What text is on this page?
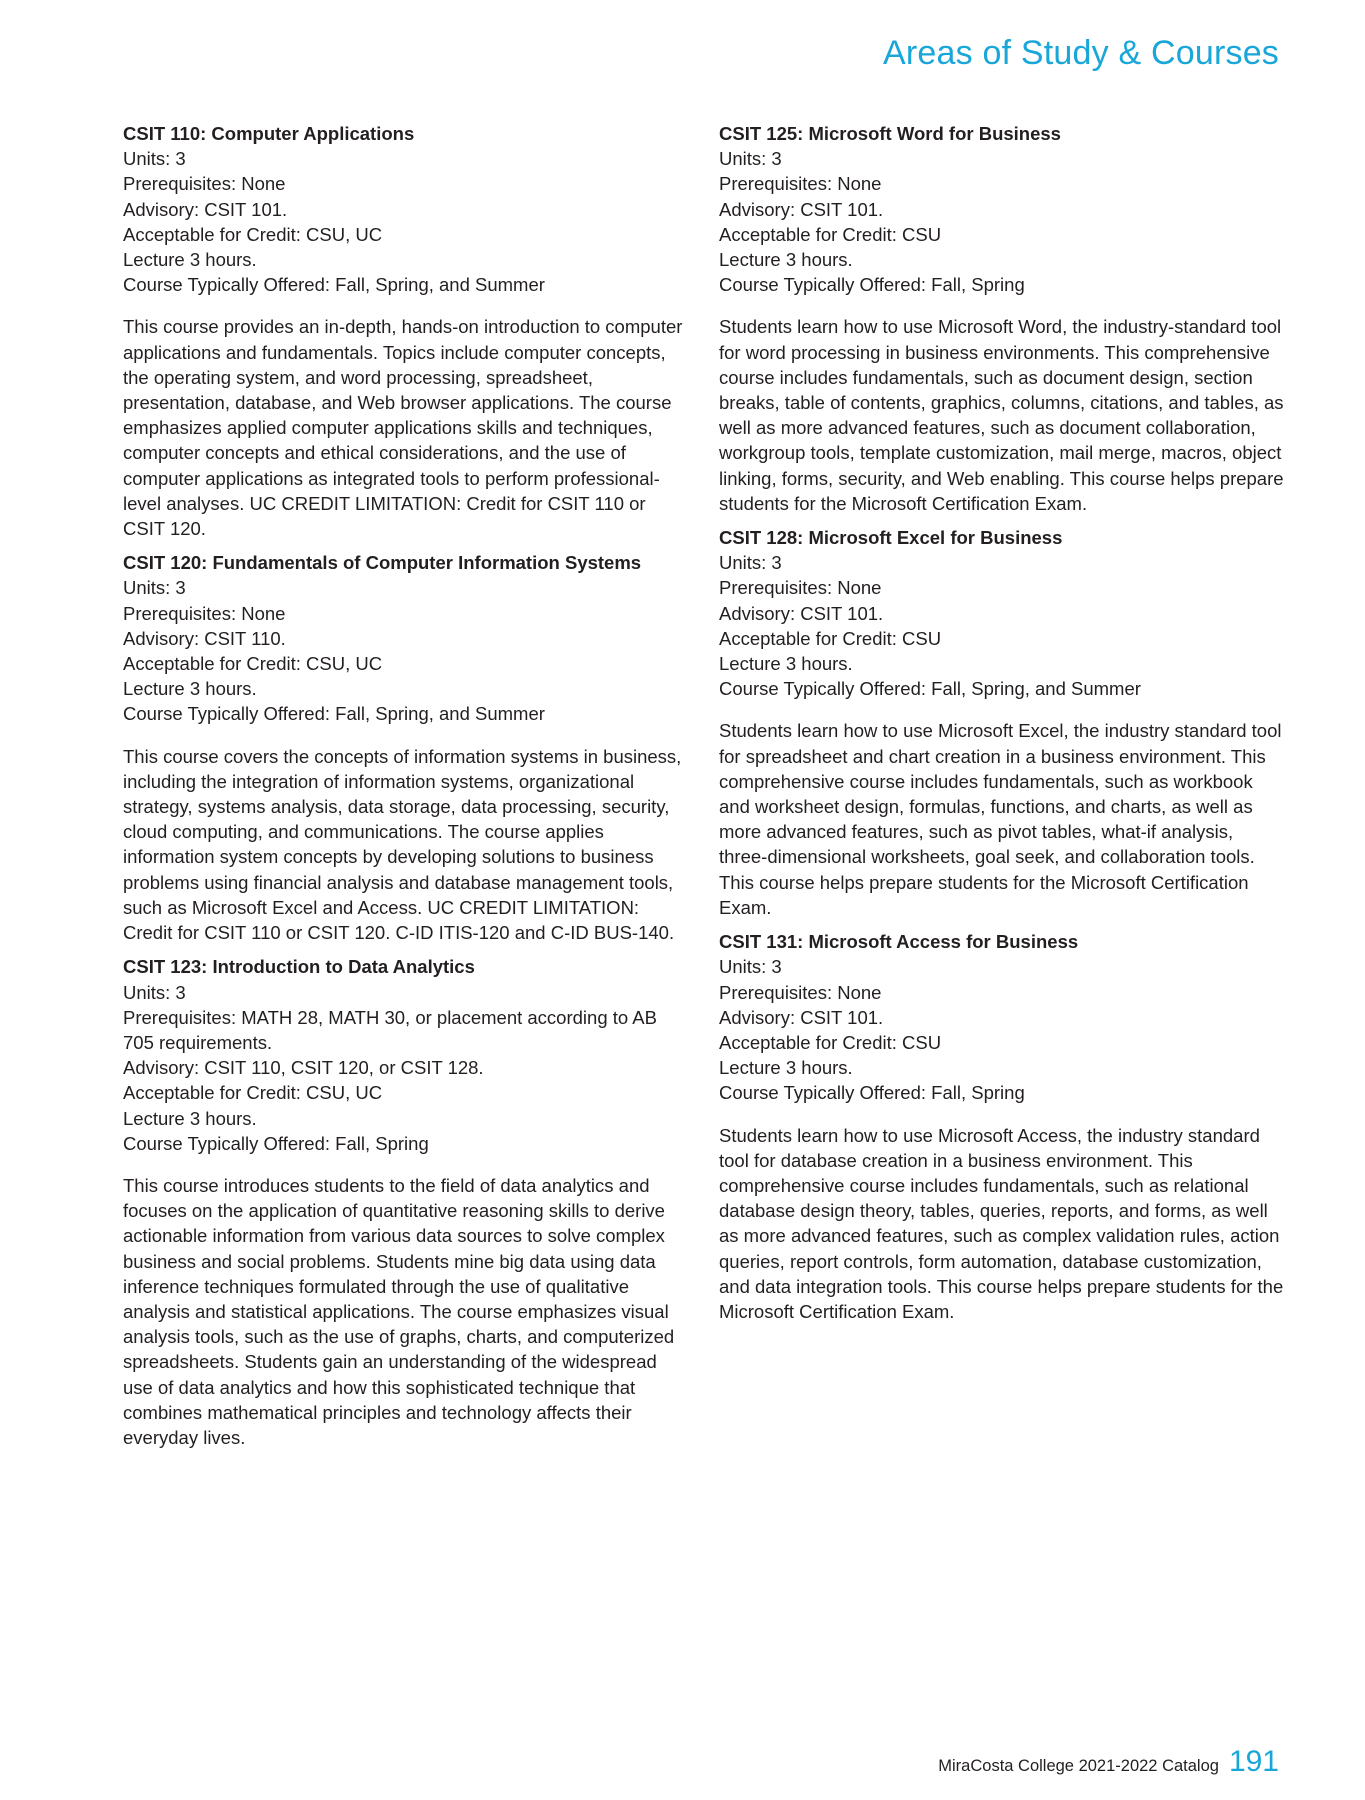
Areas of Study & Courses
CSIT 110: Computer Applications
Units: 3
Prerequisites: None
Advisory: CSIT 101.
Acceptable for Credit: CSU, UC
Lecture 3 hours.
Course Typically Offered: Fall, Spring, and Summer
This course provides an in-depth, hands-on introduction to computer applications and fundamentals. Topics include computer concepts, the operating system, and word processing, spreadsheet, presentation, database, and Web browser applications. The course emphasizes applied computer applications skills and techniques, computer concepts and ethical considerations, and the use of computer applications as integrated tools to perform professional-level analyses. UC CREDIT LIMITATION: Credit for CSIT 110 or CSIT 120.
CSIT 120: Fundamentals of Computer Information Systems
Units: 3
Prerequisites: None
Advisory: CSIT 110.
Acceptable for Credit: CSU, UC
Lecture 3 hours.
Course Typically Offered: Fall, Spring, and Summer
This course covers the concepts of information systems in business, including the integration of information systems, organizational strategy, systems analysis, data storage, data processing, security, cloud computing, and communications. The course applies information system concepts by developing solutions to business problems using financial analysis and database management tools, such as Microsoft Excel and Access. UC CREDIT LIMITATION: Credit for CSIT 110 or CSIT 120. C-ID ITIS-120 and C-ID BUS-140.
CSIT 123: Introduction to Data Analytics
Units: 3
Prerequisites: MATH 28, MATH 30, or placement according to AB 705 requirements.
Advisory: CSIT 110, CSIT 120, or CSIT 128.
Acceptable for Credit: CSU, UC
Lecture 3 hours.
Course Typically Offered: Fall, Spring
This course introduces students to the field of data analytics and focuses on the application of quantitative reasoning skills to derive actionable information from various data sources to solve complex business and social problems. Students mine big data using data inference techniques formulated through the use of qualitative analysis and statistical applications. The course emphasizes visual analysis tools, such as the use of graphs, charts, and computerized spreadsheets. Students gain an understanding of the widespread use of data analytics and how this sophisticated technique that combines mathematical principles and technology affects their everyday lives.
CSIT 125: Microsoft Word for Business
Units: 3
Prerequisites: None
Advisory: CSIT 101.
Acceptable for Credit: CSU
Lecture 3 hours.
Course Typically Offered: Fall, Spring
Students learn how to use Microsoft Word, the industry-standard tool for word processing in business environments. This comprehensive course includes fundamentals, such as document design, section breaks, table of contents, graphics, columns, citations, and tables, as well as more advanced features, such as document collaboration, workgroup tools, template customization, mail merge, macros, object linking, forms, security, and Web enabling. This course helps prepare students for the Microsoft Certification Exam.
CSIT 128: Microsoft Excel for Business
Units: 3
Prerequisites: None
Advisory: CSIT 101.
Acceptable for Credit: CSU
Lecture 3 hours.
Course Typically Offered: Fall, Spring, and Summer
Students learn how to use Microsoft Excel, the industry standard tool for spreadsheet and chart creation in a business environment. This comprehensive course includes fundamentals, such as workbook and worksheet design, formulas, functions, and charts, as well as more advanced features, such as pivot tables, what-if analysis, three-dimensional worksheets, goal seek, and collaboration tools. This course helps prepare students for the Microsoft Certification Exam.
CSIT 131: Microsoft Access for Business
Units: 3
Prerequisites: None
Advisory: CSIT 101.
Acceptable for Credit: CSU
Lecture 3 hours.
Course Typically Offered: Fall, Spring
Students learn how to use Microsoft Access, the industry standard tool for database creation in a business environment. This comprehensive course includes fundamentals, such as relational database design theory, tables, queries, reports, and forms, as well as more advanced features, such as complex validation rules, action queries, report controls, form automation, database customization, and data integration tools. This course helps prepare students for the Microsoft Certification Exam.
MiraCosta College 2021-2022 Catalog 191
